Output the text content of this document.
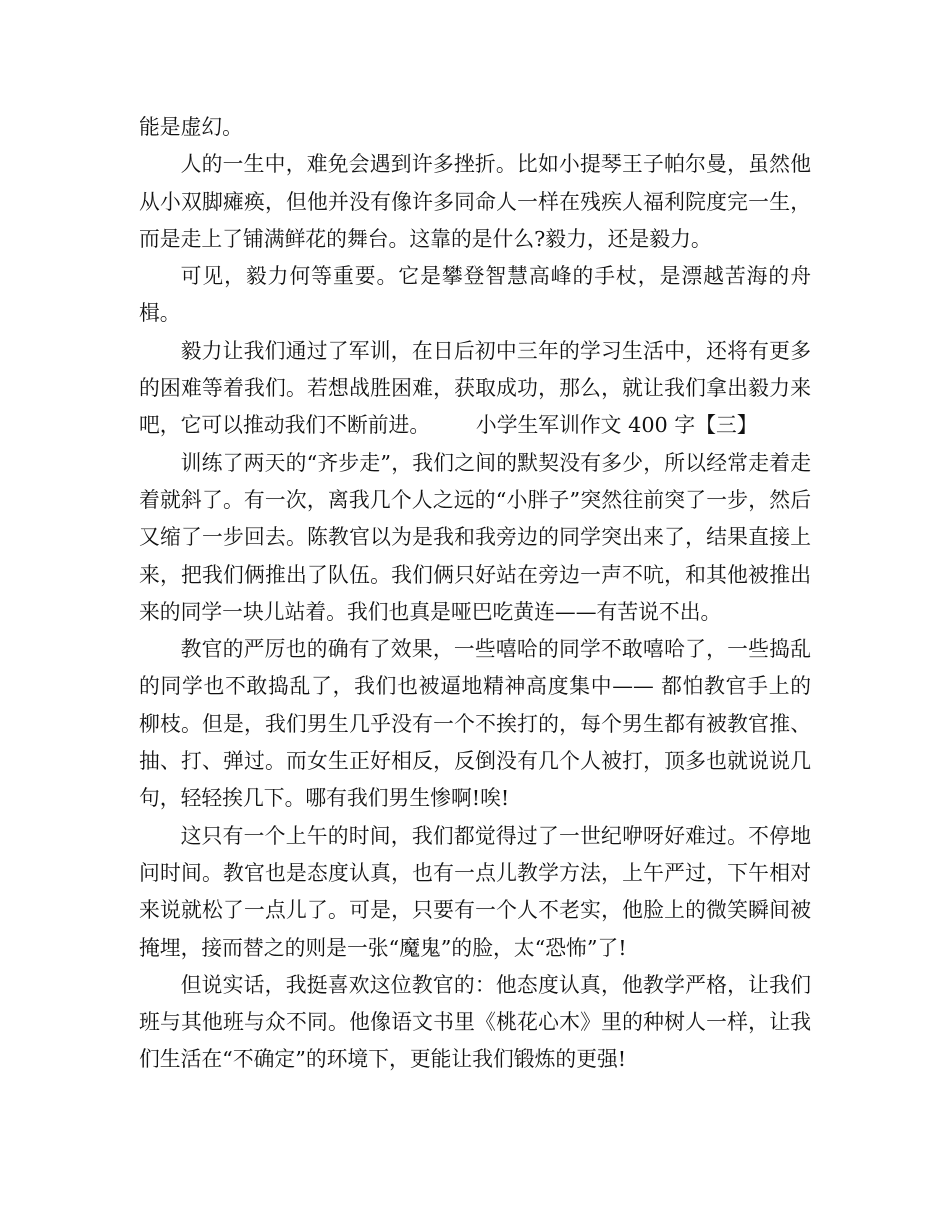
能是虚幻。

人的一生中，难免会遇到许多挫折。比如小提琴王子帕尔曼，虽然他从小双脚瘫痪，但他并没有像许多同命人一样在残疾人福利院度完一生，而是走上了铺满鲜花的舞台。这靠的是什么?毅力，还是毅力。

可见，毅力何等重要。它是攀登智慧高峰的手杖，是漂越苦海的舟楫。

毅力让我们通过了军训，在日后初中三年的学习生活中，还将有更多的困难等着我们。若想战胜困难，获取成功，那么，就让我们拿出毅力来吧，它可以推动我们不断前进。 小学生军训作文 400 字【三】

训练了两天的“齐步走”，我们之间的默契没有多少，所以经常走着走着就斜了。有一次，离我几个人之远的“小胖子”突然往前突了一步，然后又缩了一步回去。陈教官以为是我和我旁边的同学突出来了，结果直接上来，把我们俩推出了队伍。我们俩只好站在旁边一声不吭，和其他被推出来的同学一块儿站着。我们也真是哑巴吃黄连——有苦说不出。

教官的严厉也的确有了效果，一些嘻哈的同学不敢嘻哈了，一些捣乱的同学也不敢捣乱了，我们也被逼地精神高度集中—— 都怕教官手上的柳枝。但是，我们男生几乎没有一个不挨打的，每个男生都有被教官推、抽、打、弹过。而女生正好相反，反倒没有几个人被打，顶多也就说说几句，轻轻挨几下。哪有我们男生惨啊!唉!

这只有一个上午的时间，我们都觉得过了一世纪咿呀好难过。不停地问时间。教官也是态度认真，也有一点儿教学方法，上午严过，下午相对来说就松了一点儿了。可是，只要有一个人不老实，他脸上的微笑瞬间被掩埋，接而替之的则是一张“魔鬼”的脸，太“恐怖”了!

但说实话，我挺喜欢这位教官的：他态度认真，他教学严格，让我们班与其他班与众不同。他像语文书里《桃花心木》里的种树人一样，让我们生活在“不确定”的环境下，更能让我们锻炼的更强!
